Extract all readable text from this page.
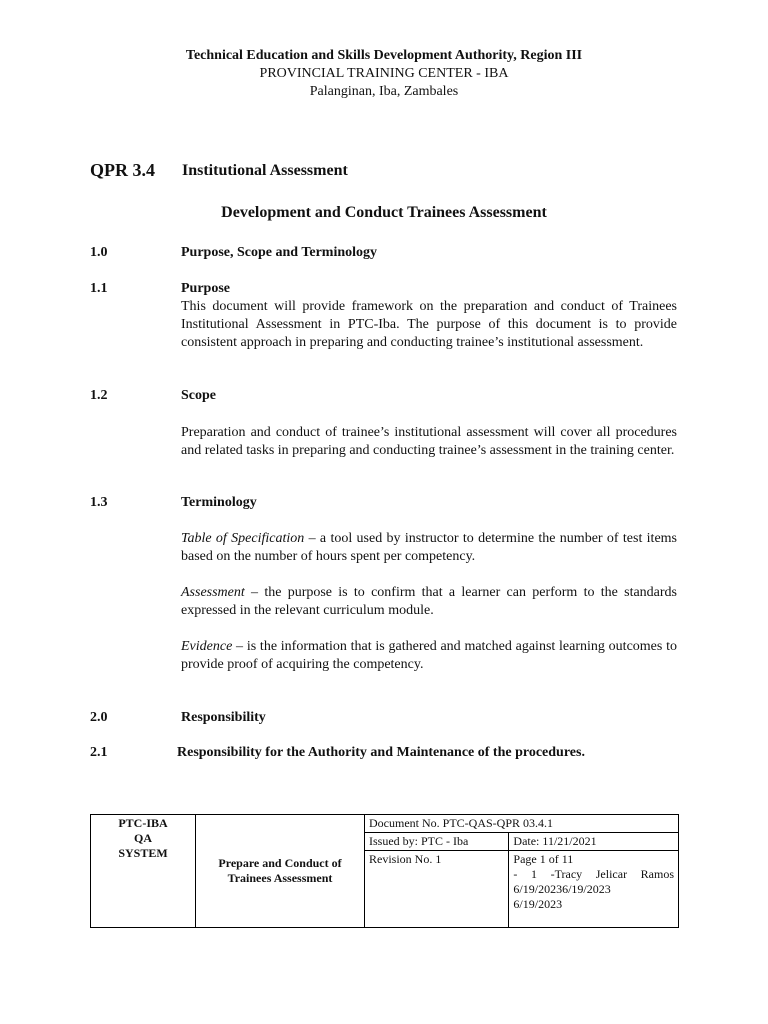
Technical Education and Skills Development Authority, Region III
PROVINCIAL TRAINING CENTER - IBA
Palanginan, Iba, Zambales
QPR 3.4 Institutional Assessment
Development and Conduct Trainees Assessment
1.0	Purpose, Scope and Terminology
1.1	Purpose
This document will provide framework on the preparation and conduct of Trainees Institutional Assessment in PTC-Iba. The purpose of this document is to provide consistent approach in preparing and conducting trainee’s institutional assessment.
1.2	Scope
Preparation and conduct of trainee’s institutional assessment will cover all procedures and related tasks in preparing and conducting trainee’s assessment in the training center.
1.3	Terminology
Table of Specification – a tool used by instructor to determine the number of test items based on the number of hours spent per competency.
Assessment – the purpose is to confirm that a learner can perform to the standards expressed in the relevant curriculum module.
Evidence – is the information that is gathered and matched against learning outcomes to provide proof of acquiring the competency.
2.0	Responsibility
2.1	Responsibility for the Authority and Maintenance of the procedures.
PTC-IBA
QA
SYSTEM	Prepare and Conduct of Trainees Assessment	Document No. PTC-QAS-QPR 03.4.1	
		Issued by: PTC - Iba	Date: 11/21/2021
		Revision No. 1	Page 1 of 11
- 1 -Tracy Jelicar Ramos
6/19/20236/19/2023
6/19/2023
